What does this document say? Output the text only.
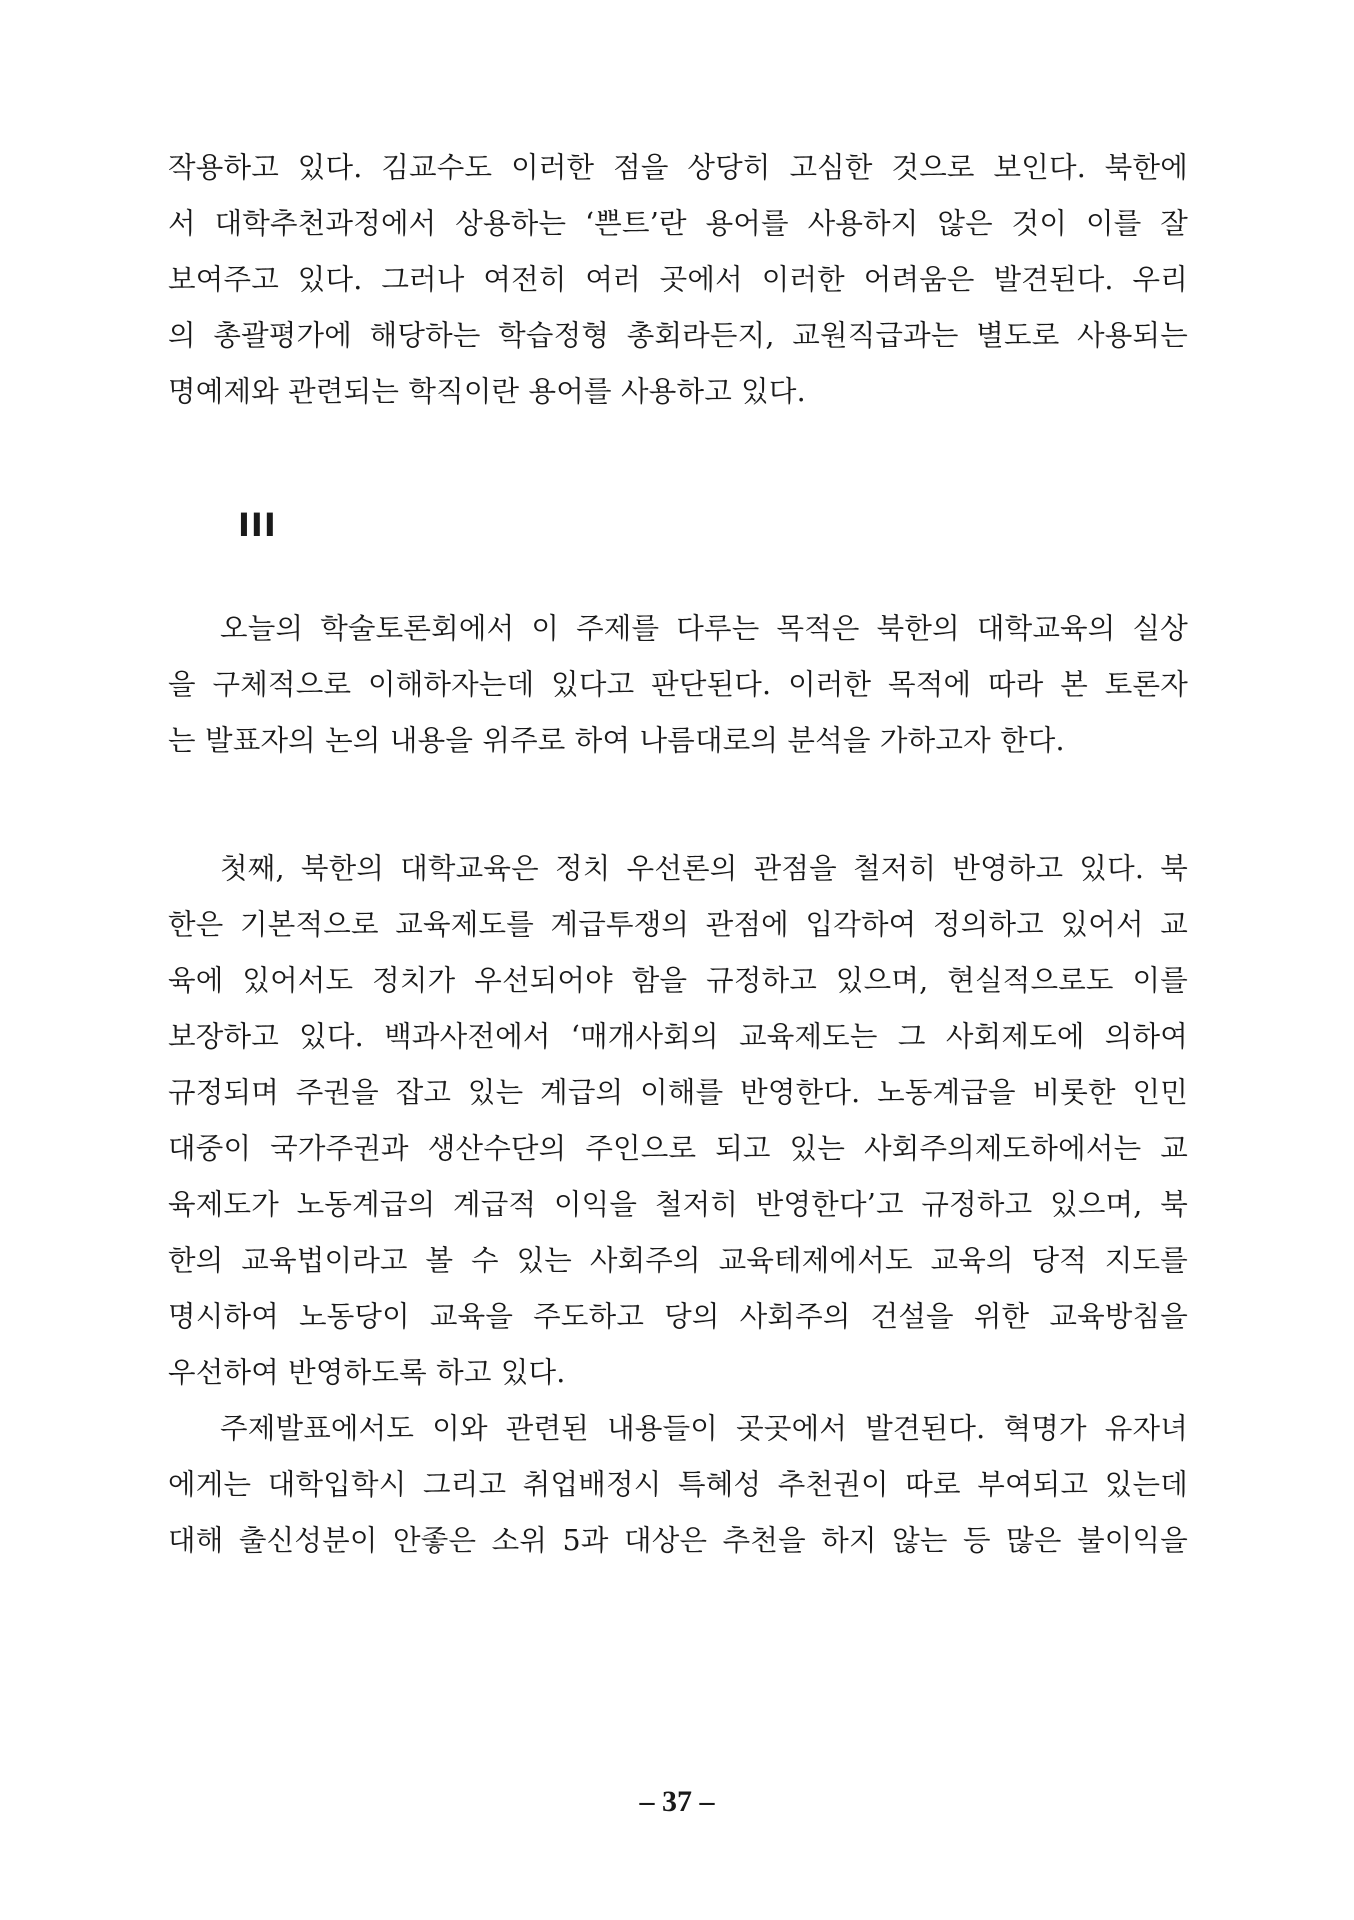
작용하고 있다. 김교수도 이러한 점을 상당히 고심한 것으로 보인다. 북한에
서 대학추천과정에서 상용하는 ‘쁜트’란 용어를 사용하지 않은 것이 이를 잘
보여주고 있다. 그러나 여전히 여러 곳에서 이러한 어려움은 발견된다. 우리
의 총괄평가에 해당하는 학습정형 총회라든지, 교원직급과는 별도로 사용되는
명예제와 관련되는 학직이란 용어를 사용하고 있다.
III
오늘의 학술토론회에서 이 주제를 다루는 목적은 북한의 대학교육의 실상
을 구체적으로 이해하자는데 있다고 판단된다. 이러한 목적에 따라 본 토론자
는 발표자의 논의 내용을 위주로 하여 나름대로의 분석을 가하고자 한다.
첫째, 북한의 대학교육은 정치 우선론의 관점을 철저히 반영하고 있다. 북
한은 기본적으로 교육제도를 계급투쟁의 관점에 입각하여 정의하고 있어서 교
육에 있어서도 정치가 우선되어야 함을 규정하고 있으며, 현실적으로도 이를
보장하고 있다. 백과사전에서 ‘매개사회의 교육제도는 그 사회제도에 의하여
규정되며 주권을 잡고 있는 계급의 이해를 반영한다. 노동계급을 비롯한 인민
대중이 국가주권과 생산수단의 주인으로 되고 있는 사회주의제도하에서는 교
육제도가 노동계급의 계급적 이익을 철저히 반영한다’고 규정하고 있으며, 북
한의 교육법이라고 볼 수 있는 사회주의 교육테제에서도 교육의 당적 지도를
명시하여 노동당이 교육을 주도하고 당의 사회주의 건설을 위한 교육방침을
우선하여 반영하도록 하고 있다.
주제발표에서도 이와 관련된 내용들이 곳곳에서 발견된다. 혁명가 유자녀
에게는 대학입학시 그리고 취업배정시 특혜성 추천권이 따로 부여되고 있는데
대해 출신성분이 안좋은 소위 5과 대상은 추천을 하지 않는 등 많은 불이익을
– 37 –
